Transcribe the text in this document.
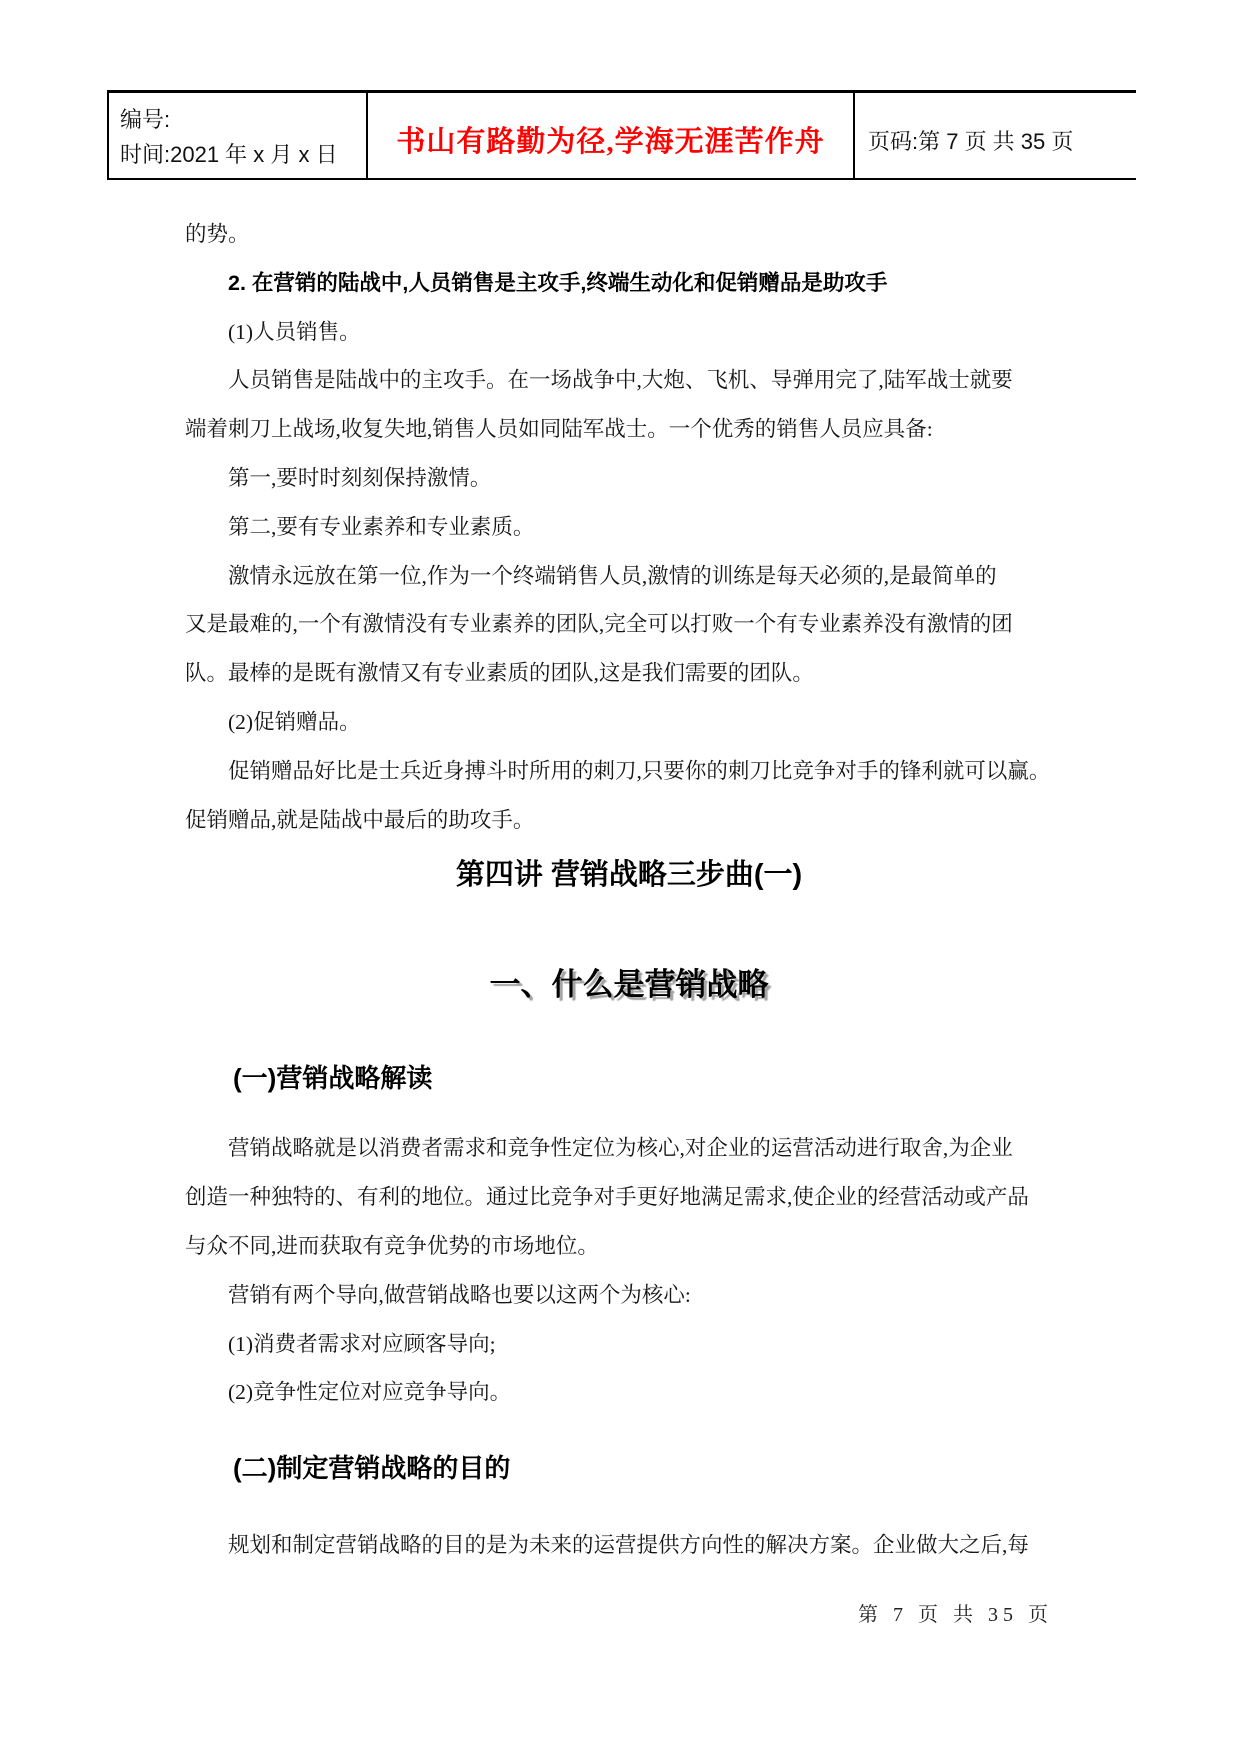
编号:
时间:2021 年 x 月 x 日	书山有路勤为径,学海无涯苦作舟 页码:第 7 页 共 35 页
的势。
2. 在营销的陆战中,人员销售是主攻手,终端生动化和促销赠品是助攻手
(1)人员销售。
人员销售是陆战中的主攻手。在一场战争中,大炮、飞机、导弹用完了,陆军战士就要
端着刺刀上战场,收复失地,销售人员如同陆军战士。一个优秀的销售人员应具备:
第一,要时时刻刻保持激情。
第二,要有专业素养和专业素质。
激情永远放在第一位,作为一个终端销售人员,激情的训练是每天必须的,是最简单的
又是最难的,一个有激情没有专业素养的团队,完全可以打败一个有专业素养没有激情的团
队。最棒的是既有激情又有专业素质的团队,这是我们需要的团队。
(2)促销赠品。
促销赠品好比是士兵近身搏斗时所用的刺刀,只要你的刺刀比竞争对手的锋利就可以赢。
促销赠品,就是陆战中最后的助攻手。
第四讲 营销战略三步曲(一)
一、什么是营销战略
(一)营销战略解读
营销战略就是以消费者需求和竞争性定位为核心,对企业的运营活动进行取舍,为企业
创造一种独特的、有利的地位。通过比竞争对手更好地满足需求,使企业的经营活动或产品
与众不同,进而获取有竞争优势的市场地位。
营销有两个导向,做营销战略也要以这两个为核心:
(1)消费者需求对应顾客导向;
(2)竞争性定位对应竞争导向。
(二)制定营销战略的目的
规划和制定营销战略的目的是为未来的运营提供方向性的解决方案。企业做大之后,每
第 7 页 共 35 页
